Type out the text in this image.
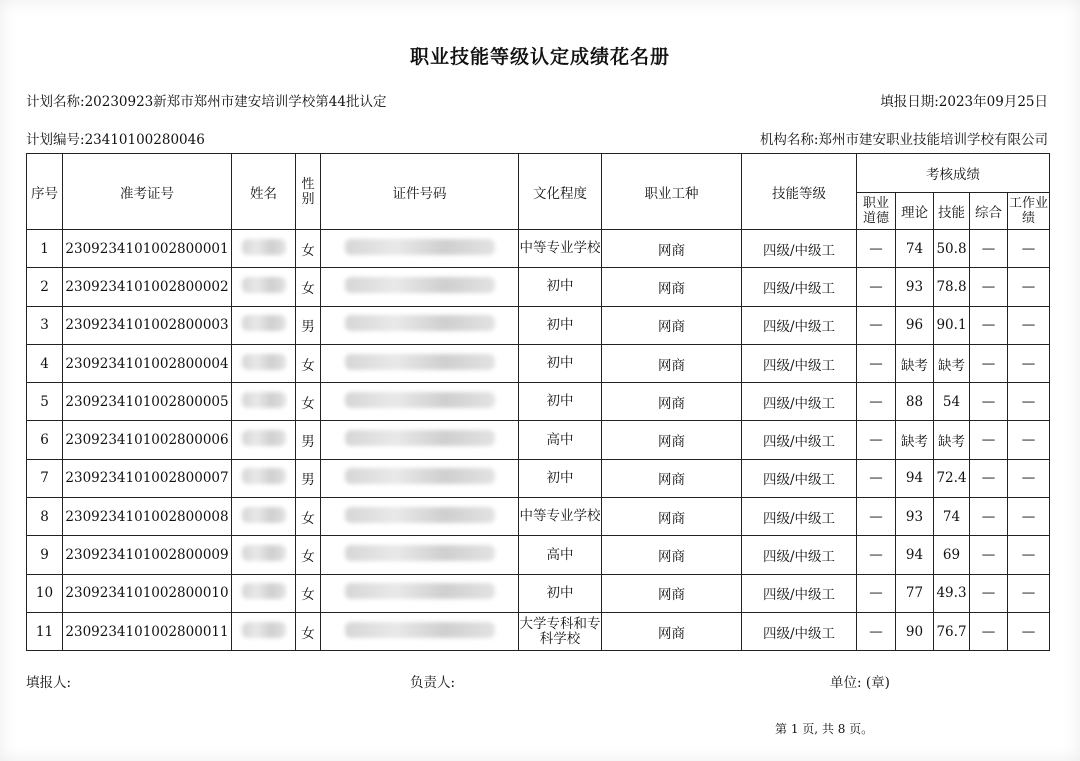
职业技能等级认定成绩花名册
计划名称:20230923新郑市郑州市建安培训学校第44批认定	填报日期:2023年09月25日
计划编号:23410100280046	机构名称:郑州市建安职业技能培训学校有限公司
序号	准考证号	姓名	性别	证件号码	文化程度	职业工种	技能等级	考核成绩				
								职业道德	理论	技能	综合	工作业绩
1	2309234101002800001		女		中等专业学校	网商	四级/中级工	—	74	50.8	—	—
2	2309234101002800002		女		初中	网商	四级/中级工	—	93	78.8	—	—
3	2309234101002800003		男		初中	网商	四级/中级工	—	96	90.1	—	—
4	2309234101002800004		女		初中	网商	四级/中级工	—	缺考	缺考	—	—
5	2309234101002800005		女		初中	网商	四级/中级工	—	88	54	—	—
6	2309234101002800006		男		高中	网商	四级/中级工	—	缺考	缺考	—	—
7	2309234101002800007		男		初中	网商	四级/中级工	—	94	72.4	—	—
8	2309234101002800008		女		中等专业学校	网商	四级/中级工	—	93	74	—	—
9	2309234101002800009		女		高中	网商	四级/中级工	—	94	69	—	—
10	2309234101002800010		女		初中	网商	四级/中级工	—	77	49.3	—	—
11	2309234101002800011		女		大学专科和专科学校	网商	四级/中级工	—	90	76.7	—	—
填报人:	负责人:	单位: (章)
第 1 页, 共 8 页。
